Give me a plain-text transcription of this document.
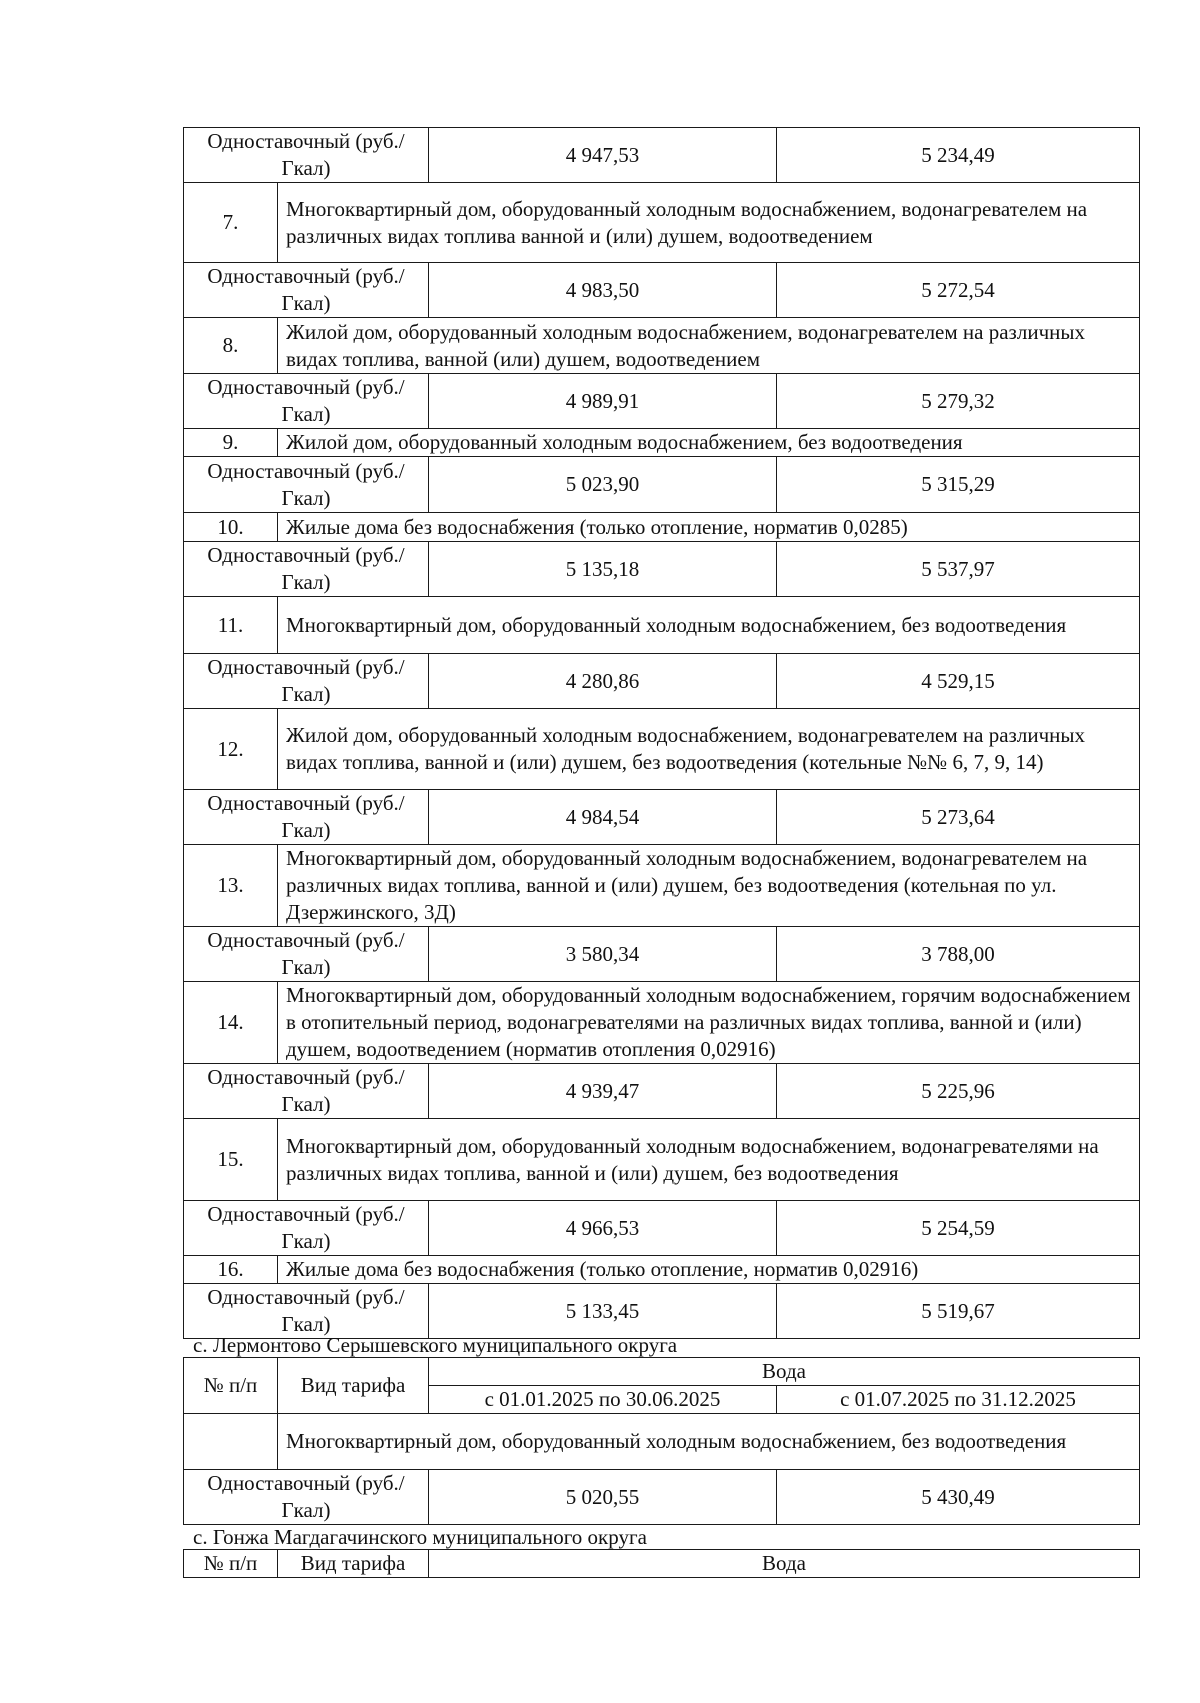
Одноставочный (руб./Гкал)		4 947,53	5 234,49
7.	Многоквартирный дом, оборудованный холодным водоснабжением, водонагревателем на различных видах топлива ванной и (или) душем, водоотведением		
Одноставочный (руб./Гкал)		4 983,50	5 272,54
8.	Жилой дом, оборудованный холодным водоснабжением, водонагревателем на различных видах топлива, ванной (или) душем, водоотведением		
Одноставочный (руб./Гкал)		4 989,91	5 279,32
9.	Жилой дом, оборудованный холодным водоснабжением, без водоотведения		
Одноставочный (руб./Гкал)		5 023,90	5 315,29
10.	Жилые дома без водоснабжения (только отопление, норматив 0,0285)		
Одноставочный (руб./Гкал)		5 135,18	5 537,97
11.	Многоквартирный дом, оборудованный холодным водоснабжением, без водоотведения		
Одноставочный (руб./Гкал)		4 280,86	4 529,15
12.	Жилой дом, оборудованный холодным водоснабжением, водонагревателем на различных видах топлива, ванной и (или) душем, без водоотведения (котельные №№ 6, 7, 9, 14)		
Одноставочный (руб./Гкал)		4 984,54	5 273,64
13.	Многоквартирный дом, оборудованный холодным водоснабжением, водонагревателем на различных видах топлива, ванной и (или) душем, без водоотведения (котельная по ул. Дзержинского, 3Д)		
Одноставочный (руб./Гкал)		3 580,34	3 788,00
14.	Многоквартирный дом, оборудованный холодным водоснабжением, горячим водоснабжением в отопительный период, водонагревателями на различных видах топлива, ванной и (или) душем, водоотведением (норматив отопления 0,02916)		
Одноставочный (руб./Гкал)		4 939,47	5 225,96
15.	Многоквартирный дом, оборудованный холодным водоснабжением, водонагревателями на различных видах топлива, ванной и (или) душем, без водоотведения		
Одноставочный (руб./Гкал)		4 966,53	5 254,59
16.	Жилые дома без водоснабжения (только отопление, норматив 0,02916)		
Одноставочный (руб./Гкал)		5 133,45	5 519,67
с. Лермонтово Серышевского муниципального округа
№ п/п	Вид тарифа	Вода	
		с 01.01.2025 по 30.06.2025	с 01.07.2025 по 31.12.2025
	Многоквартирный дом, оборудованный холодным водоснабжением, без водоотведения		
Одноставочный (руб./Гкал)		5 020,55	5 430,49
с. Гонжа Магдагачинского муниципального округа
№ п/п	Вид тарифа	Вода
